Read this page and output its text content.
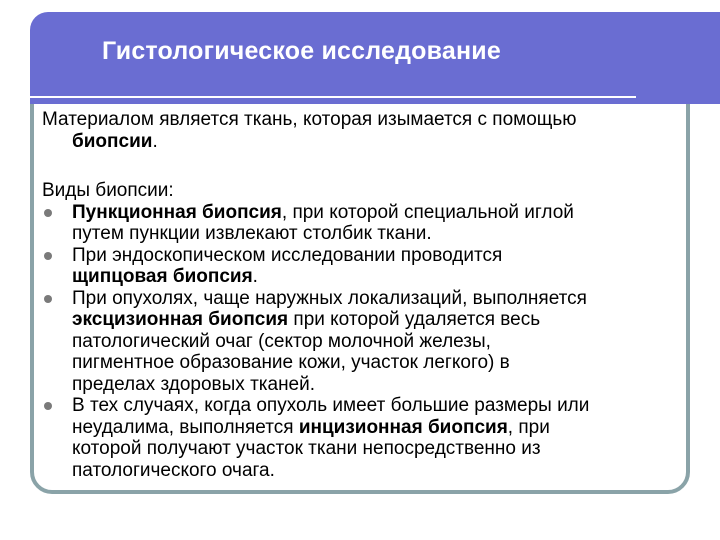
Гистологическое исследование

Материалом является ткань, которая изымается с помощью
биопсии.

Виды биопсии:

Пункционная биопсия, при которой специальной иглой
путем пункции извлекают столбик ткани.
При эндоскопическом исследовании проводится
щипцовая биопсия.
При опухолях, чаще наружных локализаций, выполняется
эксцизионная биопсия при которой удаляется весь
патологический очаг (сектор молочной железы,
пигментное образование кожи, участок легкого) в
пределах здоровых тканей.
В тех случаях, когда опухоль имеет большие размеры или
неудалима, выполняется инцизионная биопсия, при
которой получают участок ткани непосредственно из
патологического очага.
